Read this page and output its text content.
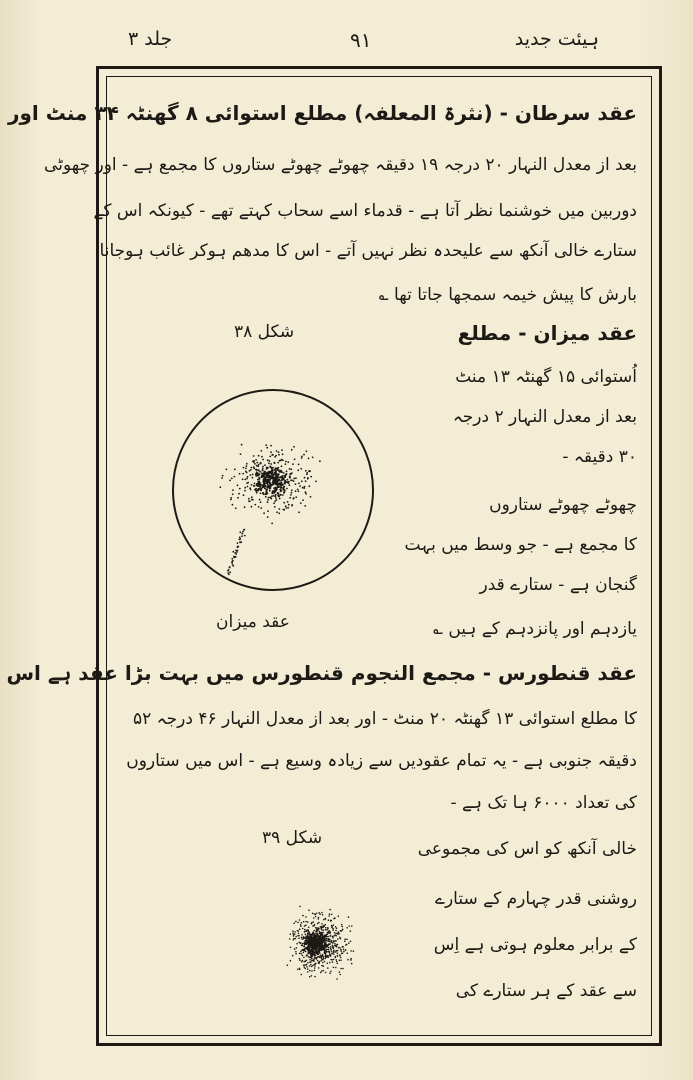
جلد ۳	۹۱	ہیئت جدید
عقد سرطان - (نثرۃ المعلفہ) مطلع استوائی ۸ گھنٹہ ۳۴ منٹ اور
بعد از معدل النہار ۲۰ درجہ ۱۹ دقیقہ چھوٹے چھوٹے ستاروں کا مجمع ہے - اور چھوٹی
دوربین میں خوشنما نظر آتا ہے - قدماء اسے سحاب کہتے تھے - کیونکہ اس کے
ستارے خالی آنکھ سے علیحدہ نظر نہیں آتے - اس کا مدھم ہوکر غائب ہوجانا
بارش کا پیش خیمہ سمجھا جاتا تھا ؎
شکل ۳۸
عقد میزان
عقد میزان - مطلع
اُستوائی ۱۵ گھنٹہ ۱۳ منٹ
بعد از معدل النہار ۲ درجہ
۳۰ دقیقہ -
چھوٹے چھوٹے ستاروں
کا مجمع ہے - جو وسط میں بہت
گنجان ہے - ستارے قدر
یازدہم اور پانزدہم کے ہیں ؎
عقد قنطورس - مجمع النجوم قنطورس میں بہت بڑا عقد ہے اس
کا مطلع استوائی ۱۳ گھنٹہ ۲۰ منٹ - اور بعد از معدل النہار ۴۶ درجہ ۵۲
دقیقہ جنوبی ہے - یہ تمام عقودیں سے زیادہ وسیع ہے - اس میں ستاروں
کی تعداد ۶۰۰۰ ہا تک ہے -
شکل ۳۹
خالی آنکھ کو اس کی مجموعی
روشنی قدر چہارم کے ستارے
کے برابر معلوم ہوتی ہے اِس
سے عقد کے ہر ستارے کی
